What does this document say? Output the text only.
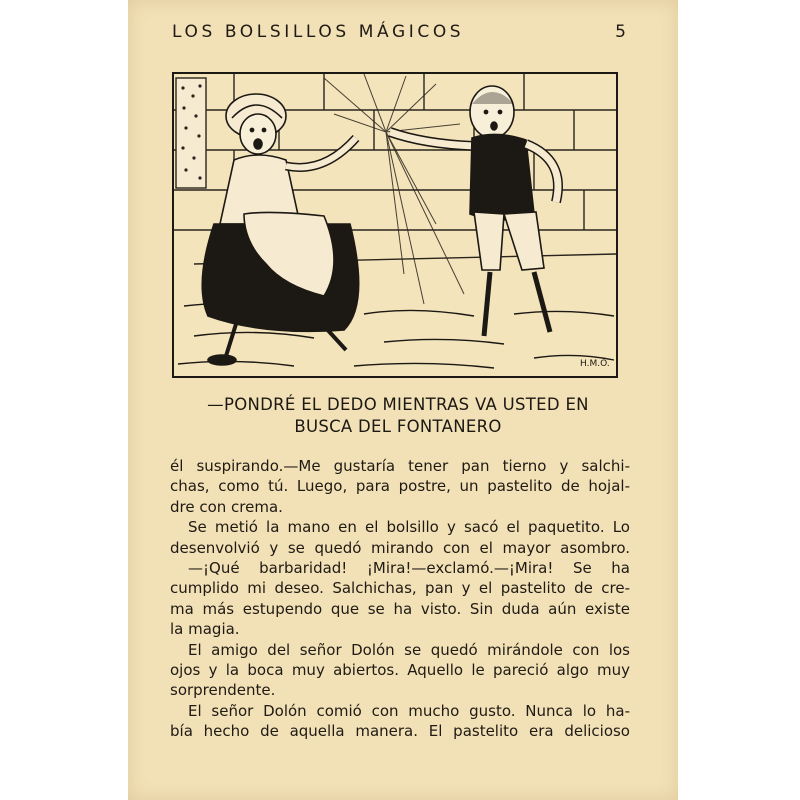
LOS BOLSILLOS MÁGICOS	5
H.M.O.
—PONDRÉ EL DEDO MIENTRAS VA USTED EN
BUSCA DEL FONTANERO
él suspirando.—Me gustaría tener pan tierno y salchi-
chas, como tú. Luego, para postre, un pastelito de hojal-
dre con crema.
Se metió la mano en el bolsillo y sacó el paquetito. Lo
desenvolvió y se quedó mirando con el mayor asombro.
—¡Qué barbaridad! ¡Mira!—exclamó.—¡Mira! Se ha
cumplido mi deseo. Salchichas, pan y el pastelito de cre-
ma más estupendo que se ha visto. Sin duda aún existe
la magia.
El amigo del señor Dolón se quedó mirándole con los
ojos y la boca muy abiertos. Aquello le pareció algo muy
sorprendente.
El señor Dolón comió con mucho gusto. Nunca lo ha-
bía hecho de aquella manera. El pastelito era delicioso
